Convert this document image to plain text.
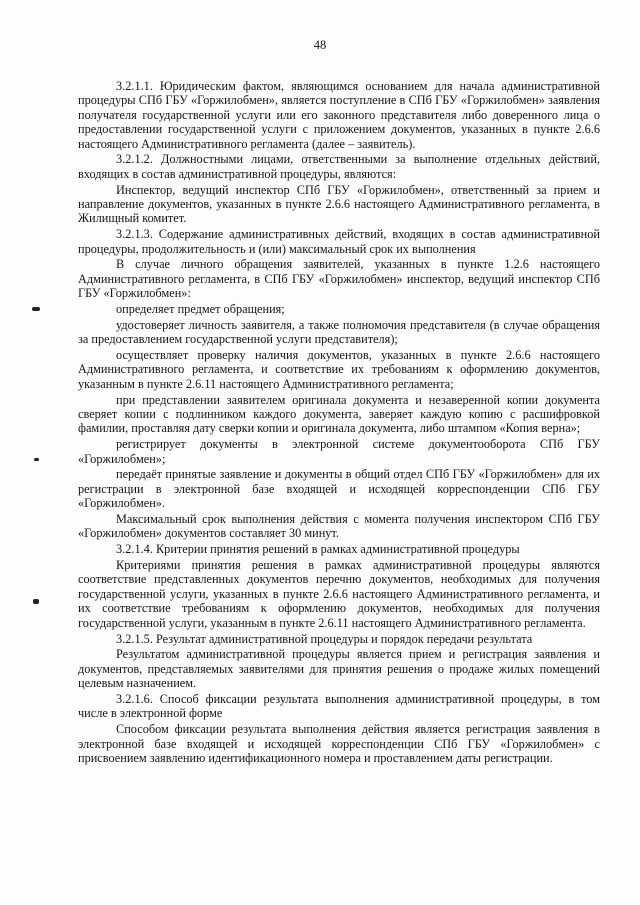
48

3.2.1.1. Юридическим фактом, являющимся основанием для начала административной процедуры СПб ГБУ «Горжилобмен», является поступление в СПб ГБУ «Горжилобмен» заявления получателя государственной услуги или его законного представителя либо доверенного лица о предоставлении государственной услуги с приложением документов, указанных в пункте 2.6.6 настоящего Административного регламента (далее – заявитель).

3.2.1.2. Должностными лицами, ответственными за выполнение отдельных действий, входящих в состав административной процедуры, являются:

Инспектор, ведущий инспектор СПб ГБУ «Горжилобмен», ответственный за прием и направление документов, указанных в пункте 2.6.6 настоящего Административного регламента, в Жилищный комитет.

3.2.1.3. Содержание административных действий, входящих в состав административной процедуры, продолжительность и (или) максимальный срок их выполнения

В случае личного обращения заявителей, указанных в пункте 1.2.6 настоящего Административного регламента, в СПб ГБУ «Горжилобмен» инспектор, ведущий инспектор СПб ГБУ «Горжилобмен»:

определяет предмет обращения;

удостоверяет личность заявителя, а также полномочия представителя (в случае обращения за предоставлением государственной услуги представителя);

осуществляет проверку наличия документов, указанных в пункте 2.6.6 настоящего Административного регламента, и соответствие их требованиям к оформлению документов, указанным в пункте 2.6.11 настоящего Административного регламента;

при представлении заявителем оригинала документа и незаверенной копии документа сверяет копии с подлинником каждого документа, заверяет каждую копию с расшифровкой фамилии, проставляя дату сверки копии и оригинала документа, либо штампом «Копия верна»;

регистрирует документы в электронной системе документооборота СПб ГБУ «Горжилобмен»;

передаёт принятые заявление и документы в общий отдел СПб ГБУ «Горжилобмен» для их регистрации в электронной базе входящей и исходящей корреспонденции СПб ГБУ «Горжилобмен».

Максимальный срок выполнения действия с момента получения инспектором СПб ГБУ «Горжилобмен» документов составляет 30 минут.

3.2.1.4. Критерии принятия решений в рамках административной процедуры

Критериями принятия решения в рамках административной процедуры являются соответствие представленных документов перечню документов, необходимых для получения государственной услуги, указанных в пункте 2.6.6 настоящего Административного регламента, и их соответствие требованиям к оформлению документов, необходимых для получения государственной услуги, указанным в пункте 2.6.11 настоящего Административного регламента.

3.2.1.5. Результат административной процедуры и порядок передачи результата

Результатом административной процедуры является прием и регистрация заявления и документов, представляемых заявителями для принятия решения о продаже жилых помещений целевым назначением.

3.2.1.6. Способ фиксации результата выполнения административной процедуры, в том числе в электронной форме

Способом фиксации результата выполнения действия является регистрация заявления в электронной базе входящей и исходящей корреспонденции СПб ГБУ «Горжилобмен» с присвоением заявлению идентификационного номера и проставлением даты регистрации.
